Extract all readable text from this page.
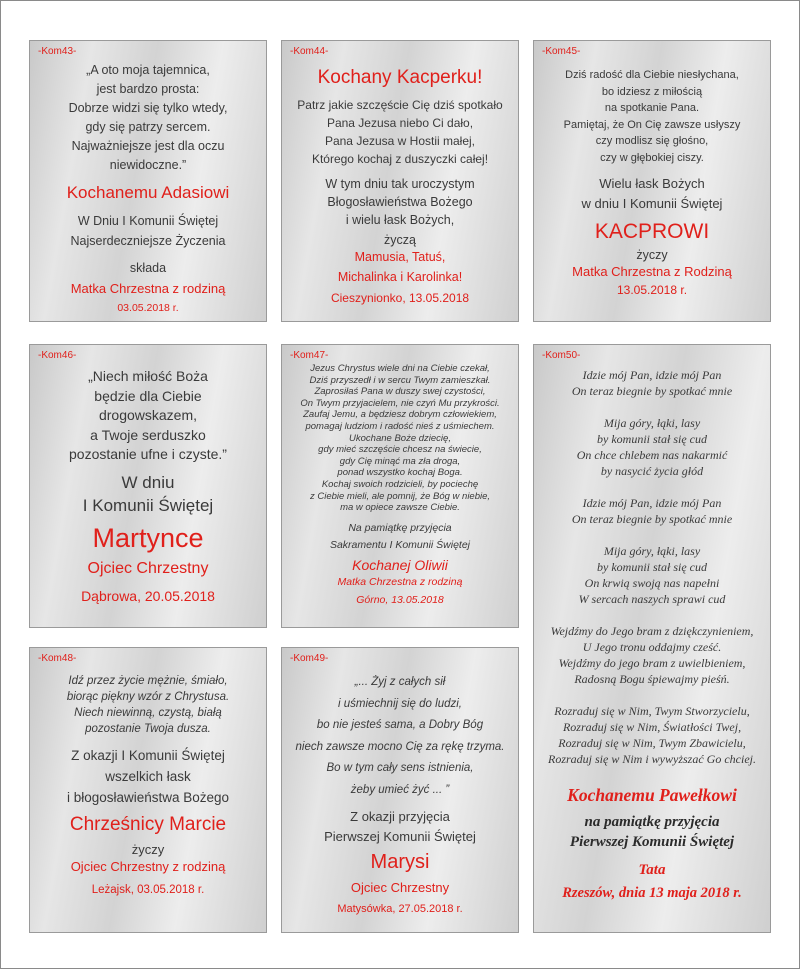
-Kom43-
„A oto moja tajemnica,
jest bardzo prosta:
Dobrze widzi się tylko wtedy,
gdy się patrzy sercem.
Najważniejsze jest dla oczu
niewidoczne.”
Kochanemu Adasiowi
W Dniu I Komunii Świętej
Najserdeczniejsze Życzenia
składa
Matka Chrzestna z rodziną
03.05.2018 r.
-Kom44-
Kochany Kacperku!
Patrz jakie szczęście Cię dziś spotkało
Pana Jezusa niebo Ci dało,
Pana Jezusa w Hostii małej,
Którego kochaj z duszyczki całej!
W tym dniu tak uroczystym
Błogosławieństwa Bożego
i wielu łask Bożych,
życzą
Mamusia, Tatuś,
Michalinka i Karolinka!
Cieszynionko, 13.05.2018
-Kom45-
Dziś radość dla Ciebie niesłychana,
bo idziesz z miłością
na spotkanie Pana.
Pamiętaj, że On Cię zawsze usłyszy
czy modlisz się głośno,
czy w głębokiej ciszy.
Wielu łask Bożych
w dniu I Komunii Świętej
KACPROWI
życzy
Matka Chrzestna z Rodziną
13.05.2018 r.
-Kom46-
„Niech miłość Boża
będzie dla Ciebie
drogowskazem,
a Twoje serduszko
pozostanie ufne i czyste.”
W dniu
I Komunii Świętej
Martynce
Ojciec Chrzestny
Dąbrowa, 20.05.2018
-Kom47-
Jezus Chrystus wiele dni na Ciebie czekał,
Dziś przyszedł i w sercu Twym zamieszkał.
Zaprosiłaś Pana w duszy swej czystości,
On Twym przyjacielem, nie czyń Mu przykrości.
Zaufaj Jemu, a będziesz dobrym człowiekiem,
pomagaj ludziom i radość nieś z uśmiechem.
Ukochane Boże dziecię,
gdy mieć szczęście chcesz na świecie,
gdy Cię minąć ma zła droga,
ponad wszystko kochaj Boga.
Kochaj swoich rodzicieli, by pociechę
z Ciebie mieli, ale pomnij, że Bóg w niebie,
ma w opiece zawsze Ciebie.
Na pamiątkę przyjęcia
Sakramentu I Komunii Świętej
Kochanej Oliwii
Matka Chrzestna z rodziną
Górno, 13.05.2018
-Kom48-
Idź przez życie mężnie, śmiało,
biorąc piękny wzór z Chrystusa.
Niech niewinną, czystą, białą
pozostanie Twoja dusza.
Z okazji I Komunii Świętej
wszelkich łask
i błogosławieństwa Bożego
Chrześnicy Marcie
życzy
Ojciec Chrzestny z rodziną
Leżajsk, 03.05.2018 r.
-Kom49-
„... Żyj z całych sił
i uśmiechnij się do ludzi,
bo nie jesteś sama, a Dobry Bóg
niech zawsze mocno Cię za rękę trzyma.
Bo w tym cały sens istnienia,
żeby umieć żyć ... ”
Z okazji przyjęcia
Pierwszej Komunii Świętej
Marysi
Ojciec Chrzestny
Matysówka, 27.05.2018 r.
-Kom50-
Idzie mój Pan, idzie mój Pan
On teraz biegnie by spotkać mnie
Mija góry, łąki, lasy
by komunii stał się cud
On chce chlebem nas nakarmić
by nasycić życia głód
Idzie mój Pan, idzie mój Pan
On teraz biegnie by spotkać mnie
Mija góry, łąki, lasy
by komunii stał się cud
On krwią swoją nas napełni
W sercach naszych sprawi cud
Wejdźmy do Jego bram z dziękczynieniem,
U Jego tronu oddajmy cześć.
Wejdźmy do jego bram z uwielbieniem,
Radosną Bogu śpiewajmy pieśń.
Rozraduj się w Nim, Twym Stworzycielu,
Rozraduj się w Nim, Światłości Twej,
Rozraduj się w Nim, Twym Zbawicielu,
Rozraduj się w Nim i wywyższać Go chciej.
Kochanemu Pawełkowi
na pamiątkę przyjęcia
Pierwszej Komunii Świętej
Tata
Rzeszów, dnia 13 maja 2018 r.
